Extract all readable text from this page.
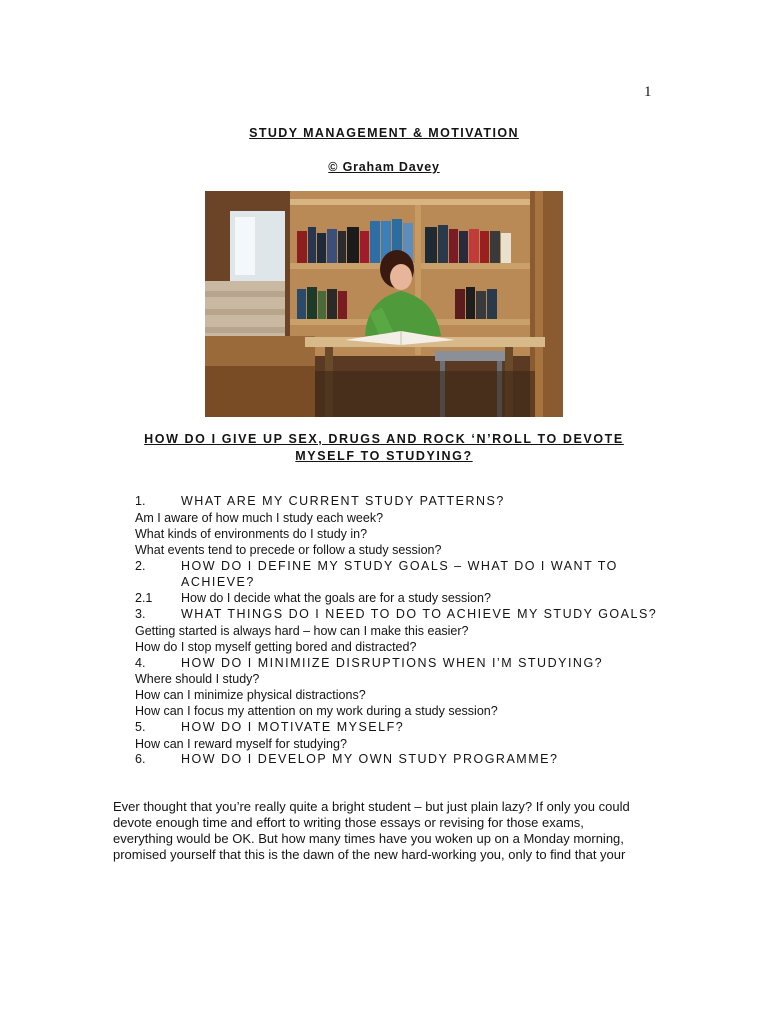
1
STUDY MANAGEMENT & MOTIVATION
© Graham Davey
HOW DO I GIVE UP SEX, DRUGS AND ROCK ‘N’ROLL TO DEVOTE
MYSELF TO STUDYING?
1.	WHAT ARE MY CURRENT STUDY PATTERNS?
Am I aware of how much I study each week?
What kinds of environments do I study in?
What events tend to precede or follow a study session?
2.	HOW DO I DEFINE MY STUDY GOALS – WHAT DO I WANT TO
ACHIEVE?
2.1 How do I decide what the goals are for a study session?
3.	WHAT THINGS DO I NEED TO DO TO ACHIEVE MY STUDY GOALS?
Getting started is always hard – how can I make this easier?
How do I stop myself getting bored and distracted?
4.	HOW DO I MINIMIIZE DISRUPTIONS WHEN I’M STUDYING?
Where should I study?
How can I minimize physical distractions?
How can I focus my attention on my work during a study session?
5.	HOW DO I MOTIVATE MYSELF?
How can I reward myself for studying?
6.	HOW DO I DEVELOP MY OWN STUDY PROGRAMME?
Ever thought that you’re really quite a bright student – but just plain lazy? If only you could
devote enough time and effort to writing those essays or revising for those exams,
everything would be OK. But how many times have you woken up on a Monday morning,
promised yourself that this is the dawn of the new hard-working you, only to find that your
